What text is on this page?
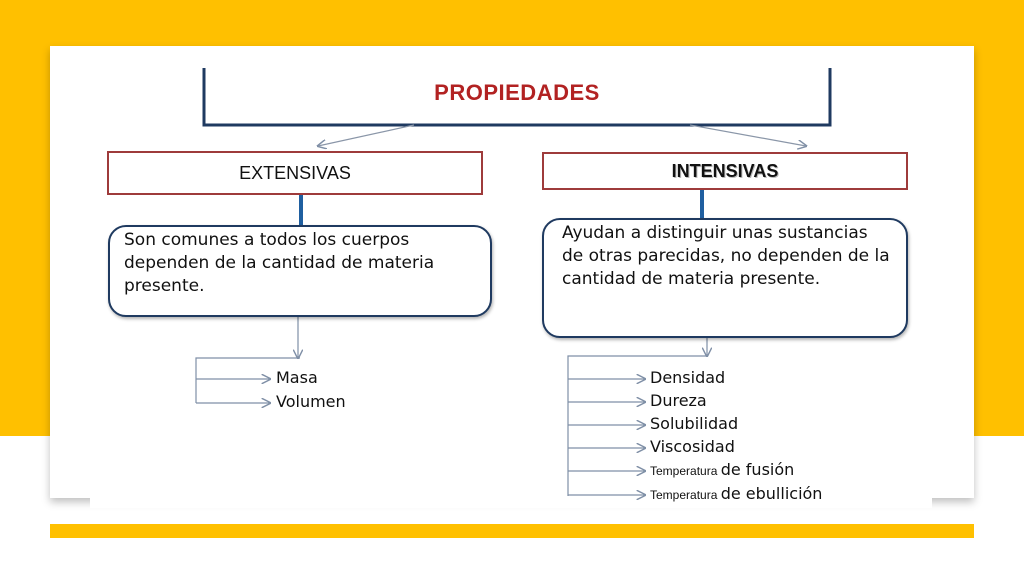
PROPIEDADES
EXTENSIVAS	INTENSIVAS
Son comunes a todos los cuerpos dependen de la cantidad de materia presente.
Ayudan a distinguir unas sustancias de otras parecidas, no dependen de la cantidad de materia presente.
Masa
Volumen
Densidad
Dureza
Solubilidad
Viscosidad
Temperatura de fusión
Temperatura de ebullición
